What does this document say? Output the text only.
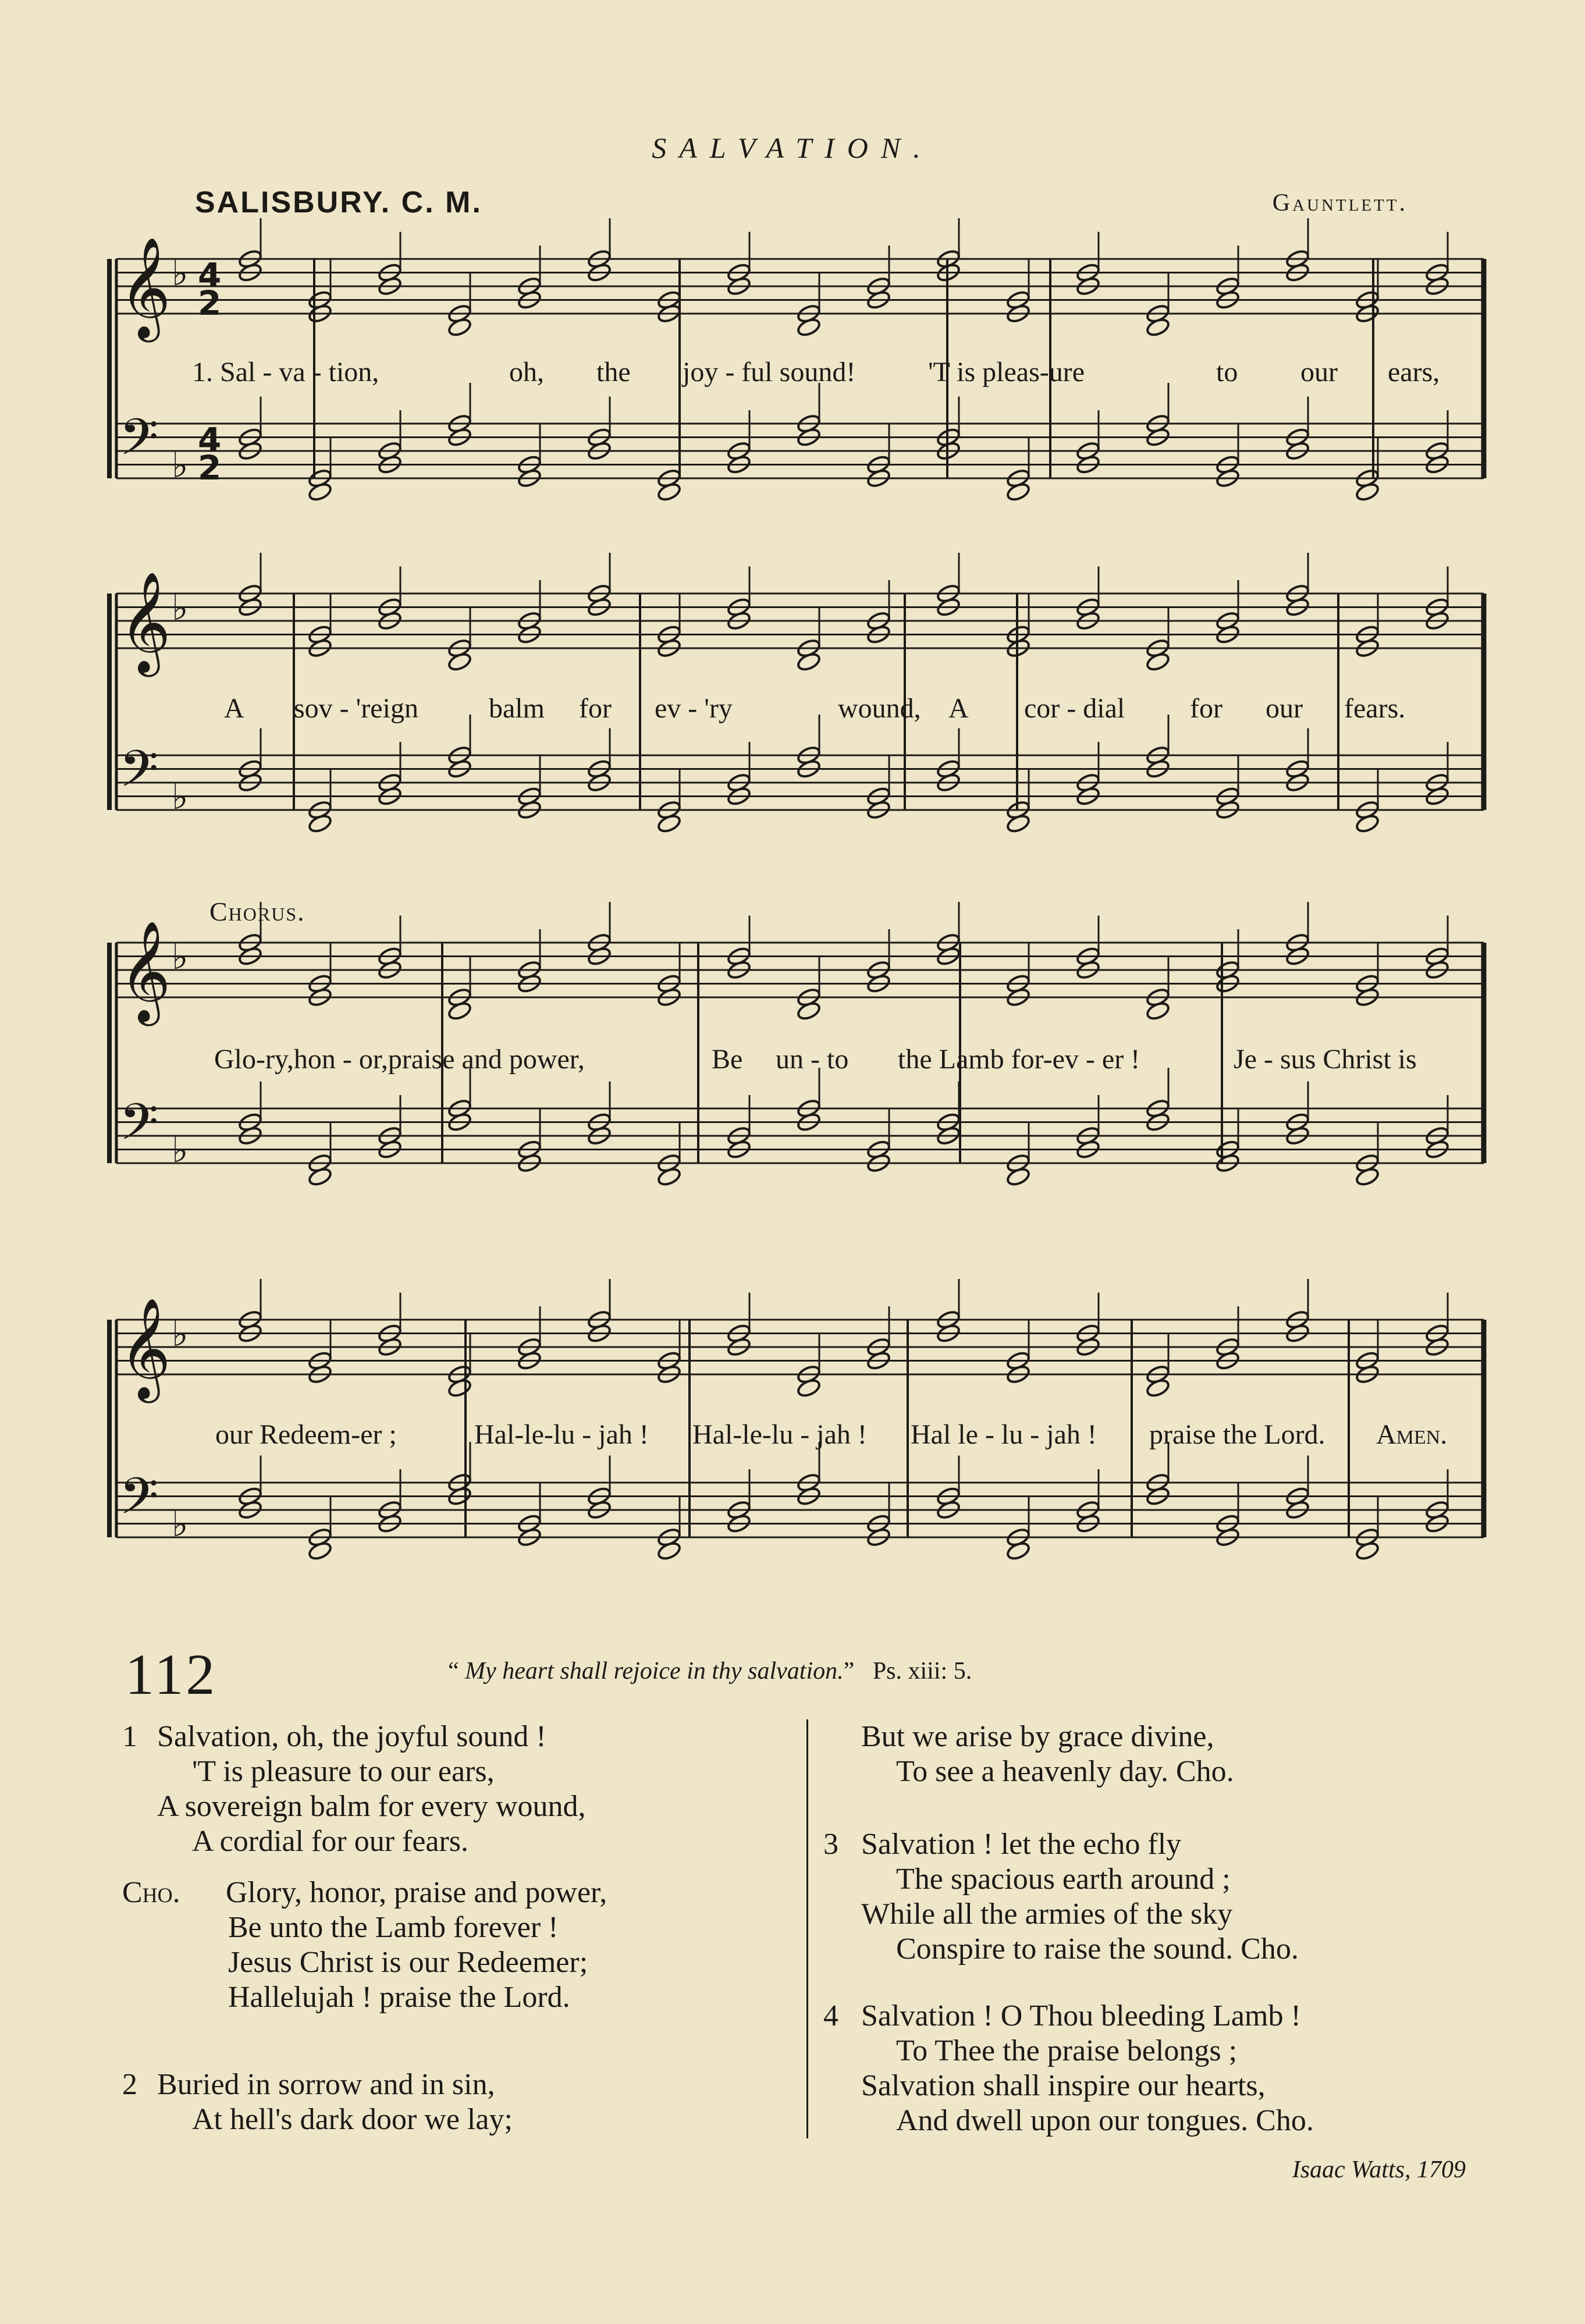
SALVATION.
SALISBURY. C. M.	Gauntlett.
𝄞 ♭ 4
2
𝄢 ♭
4
2
𝄞 ♭
𝄢 ♭
𝄞 ♭
𝄢 ♭
𝄞 ♭
𝄢 ♭
1. Sal - va - tion,	oh, the joy - ful sound!	'T is pleas-ure	to our ears,
A sov - 'reign	balm for ev - 'ry	wound, A cor - dial for our fears.
Chorus.
Glo-ry,hon - or,praise and power,	Be un - to the Lamb for-ev - er !	Je - sus Christ is
our Redeem-er ;	Hal-le-lu - jah ! Hal-le-lu - jah ! Hal le - lu - jah ! praise the Lord. Amen.
112	“ My heart shall rejoice in thy salvation.”   Ps. xiii: 5.
1 Salvation, oh, the joyful sound !
'T is pleasure to our ears,
A sovereign balm for every wound,
A cordial for our fears.
Cho. Glory, honor, praise and power,
Be unto the Lamb forever !
Jesus Christ is our Redeemer;
Hallelujah ! praise the Lord.
2 Buried in sorrow and in sin,
At hell's dark door we lay;
But we arise by grace divine,
To see a heavenly day. Cho.
3 Salvation ! let the echo fly
The spacious earth around ;
While all the armies of the sky
Conspire to raise the sound. Cho.
4 Salvation ! O Thou bleeding Lamb !
To Thee the praise belongs ;
Salvation shall inspire our hearts,
And dwell upon our tongues. Cho.
Isaac Watts, 1709
